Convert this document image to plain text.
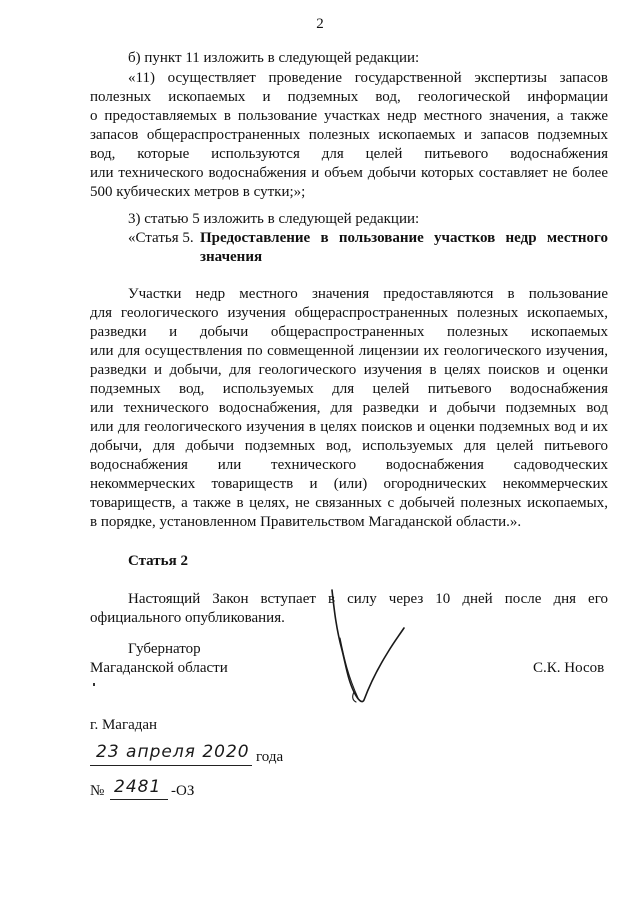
2
б) пункт 11 изложить в следующей редакции:
«11) осуществляет проведение государственной экспертизы запасов
полезных ископаемых и подземных вод, геологической информации
о предоставляемых в пользование участках недр местного значения, а также
запасов общераспространенных полезных ископаемых и запасов подземных
вод, которые используются для целей питьевого водоснабжения
или технического водоснабжения и объем добычи которых составляет не более
500 кубических метров в сутки;»;
3) статью 5 изложить в следующей редакции:
«Статья 5. Предоставление в пользование участков недр местного
значения
Участки недр местного значения предоставляются в пользование
для геологического изучения общераспространенных полезных ископаемых,
разведки и добычи общераспространенных полезных ископаемых
или для осуществления по совмещенной лицензии их геологического изучения,
разведки и добычи, для геологического изучения в целях поисков и оценки
подземных вод, используемых для целей питьевого водоснабжения
или технического водоснабжения, для разведки и добычи подземных вод
или для геологического изучения в целях поисков и оценки подземных вод и их
добычи, для добычи подземных вод, используемых для целей питьевого
водоснабжения или технического водоснабжения садоводческих
некоммерческих товариществ и (или) огороднических некоммерческих
товариществ, а также в целях, не связанных с добычей полезных ископаемых,
в порядке, установленном Правительством Магаданской области.».
Статья 2
Настоящий Закон вступает в силу через 10 дней после дня его
официального опубликования.
Губернатор
Магаданской области	С.К. Носов
г. Магадан
23 апреля 2020 года
№ 2481 -ОЗ
